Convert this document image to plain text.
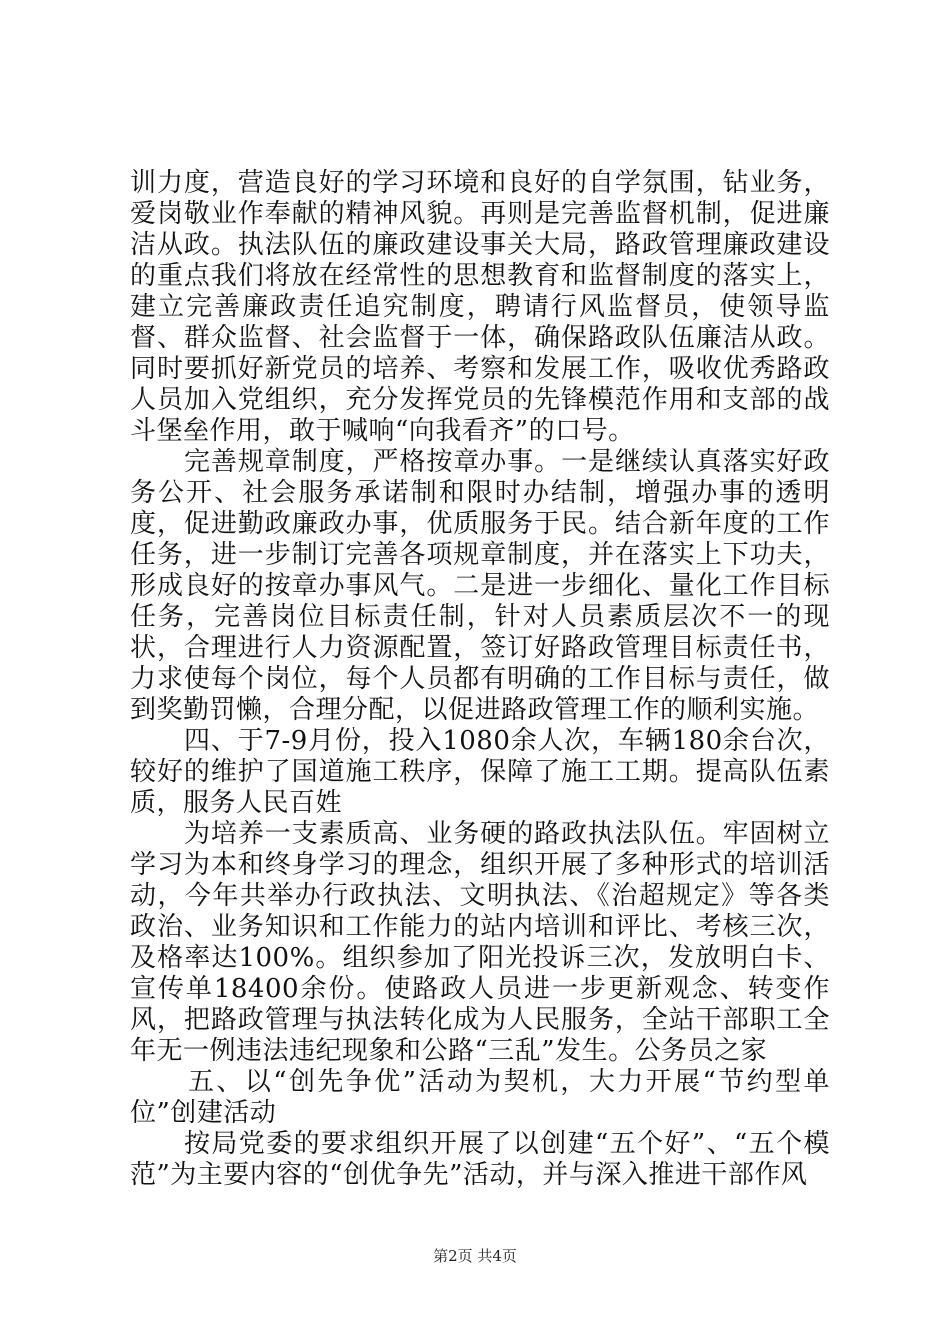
训力度，营造良好的学习环境和良好的自学氛围，钻业务，爱岗敬业作奉献的精神风貌。再则是完善监督机制，促进廉洁从政。执法队伍的廉政建设事关大局，路政管理廉政建设的重点我们将放在经常性的思想教育和监督制度的落实上，建立完善廉政责任追究制度，聘请行风监督员，使领导监督、群众监督、社会监督于一体，确保路政队伍廉洁从政。同时要抓好新党员的培养、考察和发展工作，吸收优秀路政人员加入党组织，充分发挥党员的先锋模范作用和支部的战斗堡垒作用，敢于喊响“向我看齐”的口号。

完善规章制度，严格按章办事。一是继续认真落实好政务公开、社会服务承诺制和限时办结制，增强办事的透明度，促进勤政廉政办事，优质服务于民。结合新年度的工作任务，进一步制订完善各项规章制度，并在落实上下功夫，形成良好的按章办事风气。二是进一步细化、量化工作目标任务，完善岗位目标责任制，针对人员素质层次不一的现状，合理进行人力资源配置，签订好路政管理目标责任书，力求使每个岗位，每个人员都有明确的工作目标与责任，做到奖勤罚懒，合理分配，以促进路政管理工作的顺利实施。

四、于7-9月份，投入1080余人次，车辆180余台次，较好的维护了国道施工秩序，保障了施工工期。提高队伍素质，服务人民百姓

为培养一支素质高、业务硬的路政执法队伍。牢固树立学习为本和终身学习的理念，组织开展了多种形式的培训活动，今年共举办行政执法、文明执法、《治超规定》等各类政治、业务知识和工作能力的站内培训和评比、考核三次，及格率达100%。组织参加了阳光投诉三次，发放明白卡、宣传单18400余份。使路政人员进一步更新观念、转变作风，把路政管理与执法转化成为人民服务，全站干部职工全年无一例违法违纪现象和公路“三乱”发生。公务员之家

五、以“创先争优”活动为契机，大力开展“节约型单位”创建活动

按局党委的要求组织开展了以创建“五个好”、“五个模范”为主要内容的“创优争先”活动，并与深入推进干部作风

第2页 共4页
